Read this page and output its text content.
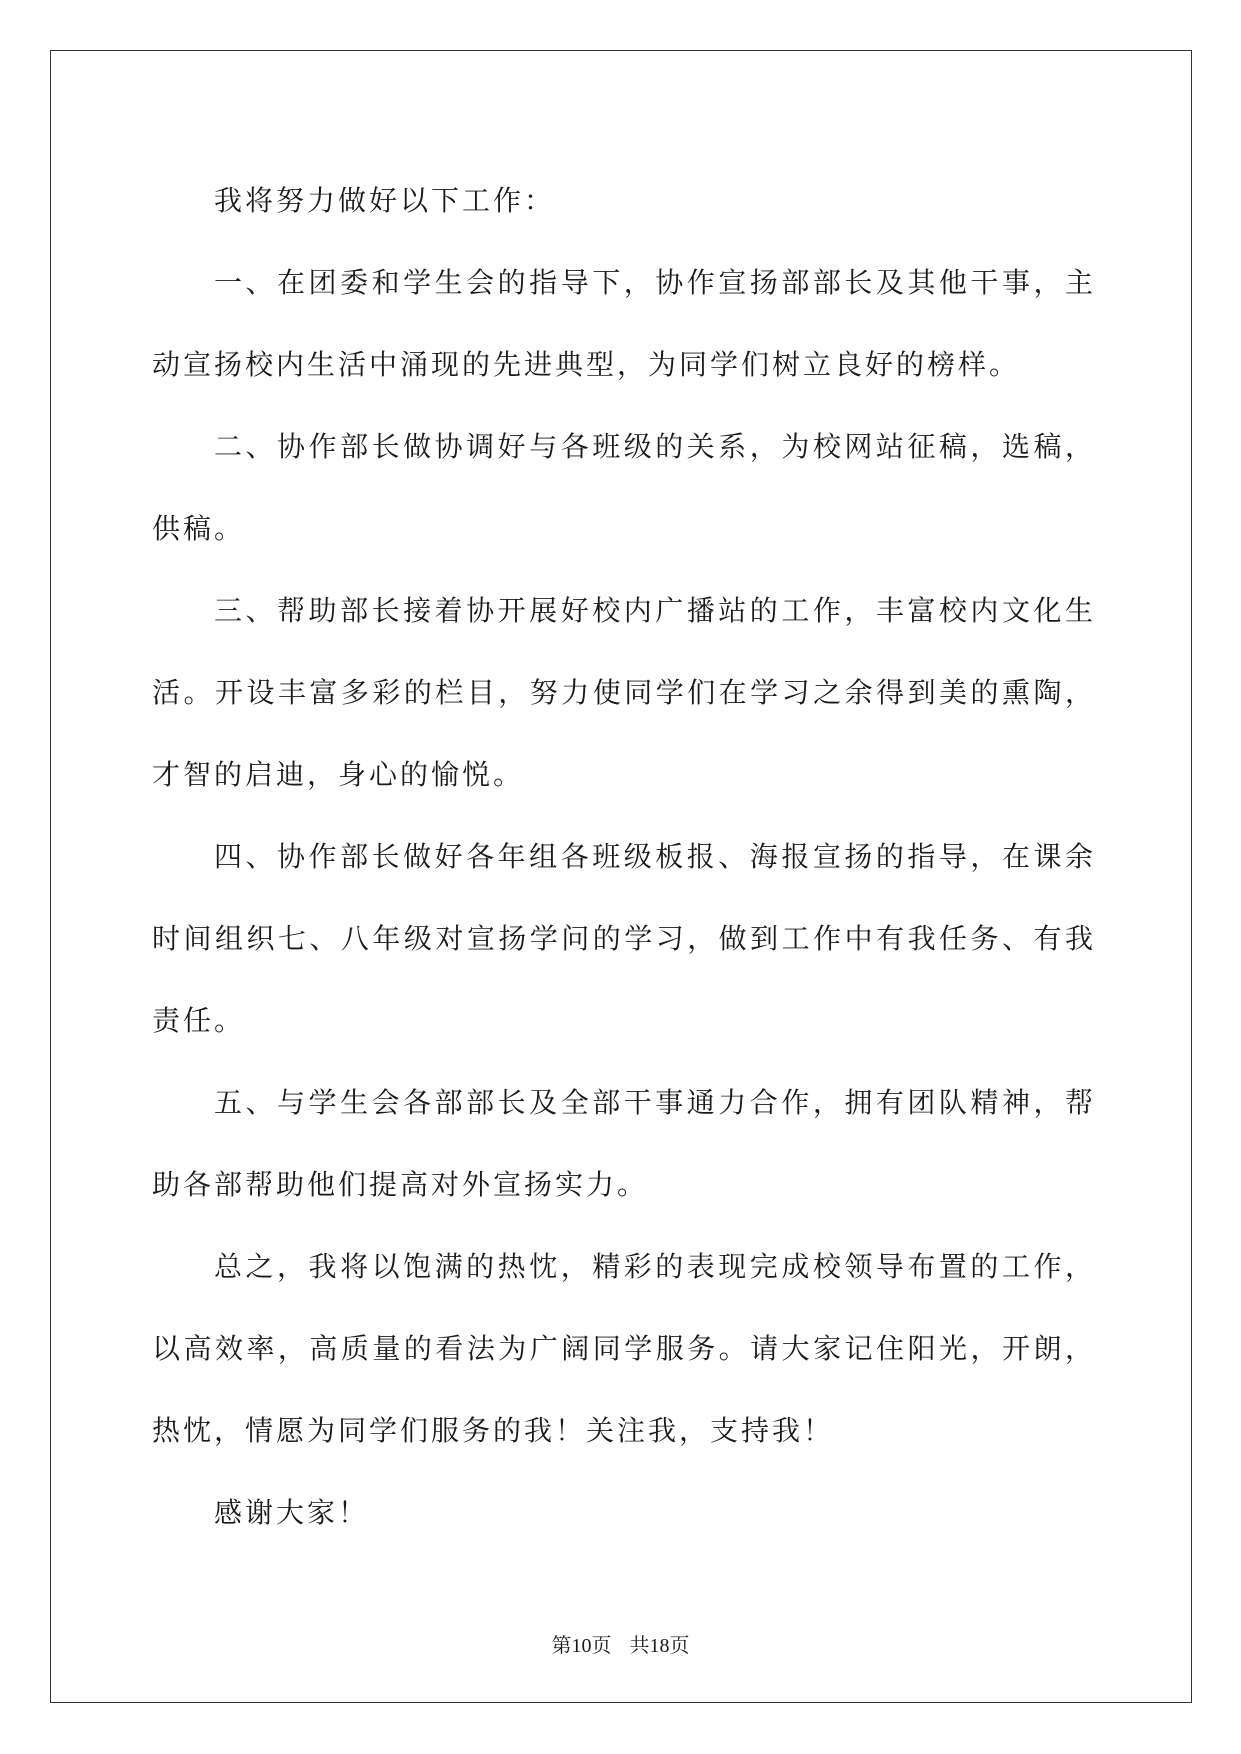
我将努力做好以下工作：

一、在团委和学生会的指导下，协作宣扬部部长及其他干事，主动宣扬校内生活中涌现的先进典型，为同学们树立良好的榜样。

二、协作部长做协调好与各班级的关系，为校网站征稿，选稿，供稿。

三、帮助部长接着协开展好校内广播站的工作，丰富校内文化生活。开设丰富多彩的栏目，努力使同学们在学习之余得到美的熏陶，才智的启迪，身心的愉悦。

四、协作部长做好各年组各班级板报、海报宣扬的指导，在课余时间组织七、八年级对宣扬学问的学习，做到工作中有我任务、有我责任。

五、与学生会各部部长及全部干事通力合作，拥有团队精神，帮助各部帮助他们提高对外宣扬实力。

总之，我将以饱满的热忱，精彩的表现完成校领导布置的工作，以高效率，高质量的看法为广阔同学服务。请大家记住阳光，开朗，热忱，情愿为同学们服务的我！关注我，支持我！

感谢大家！

第10页 共18页
